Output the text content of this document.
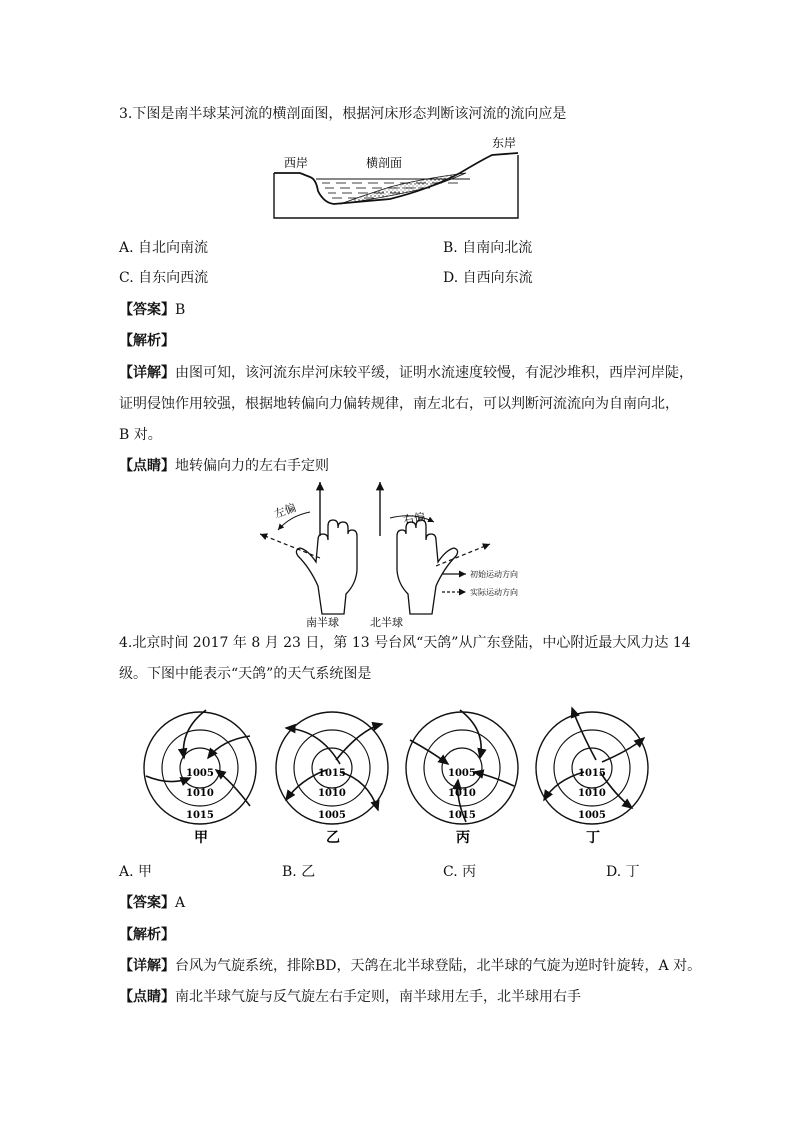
3.下图是南半球某河流的横剖面图，根据河床形态判断该河流的流向应是
西岸	横剖面
东岸
A. 自北向南流	B. 自南向北流
C. 自东向西流	D. 自西向东流
【答案】B
【解析】
【详解】由图可知，该河流东岸河床较平缓，证明水流速度较慢，有泥沙堆积，西岸河岸陡，
证明侵蚀作用较强，根据地转偏向力偏转规律，南左北右，可以判断河流流向为自南向北，
B 对。
【点睛】地转偏向力的左右手定则
左偏	右偏
南半球	北半球
初始运动方向
实际运动方向
4.北京时间 2017 年 8 月 23 日，第 13 号台风“天鸽”从广东登陆，中心附近最大风力达 14
级。下图中能表示“天鸽”的天气系统图是
1005
1010
1015
甲
1015
1010
1005
乙
1005
1010
1015
丙
1015
1010
1005
丁
A. 甲	B. 乙	C. 丙	D. 丁
【答案】A
【解析】
【详解】台风为气旋系统，排除BD，天鸽在北半球登陆，北半球的气旋为逆时针旋转，A 对。
【点睛】南北半球气旋与反气旋左右手定则，南半球用左手，北半球用右手
